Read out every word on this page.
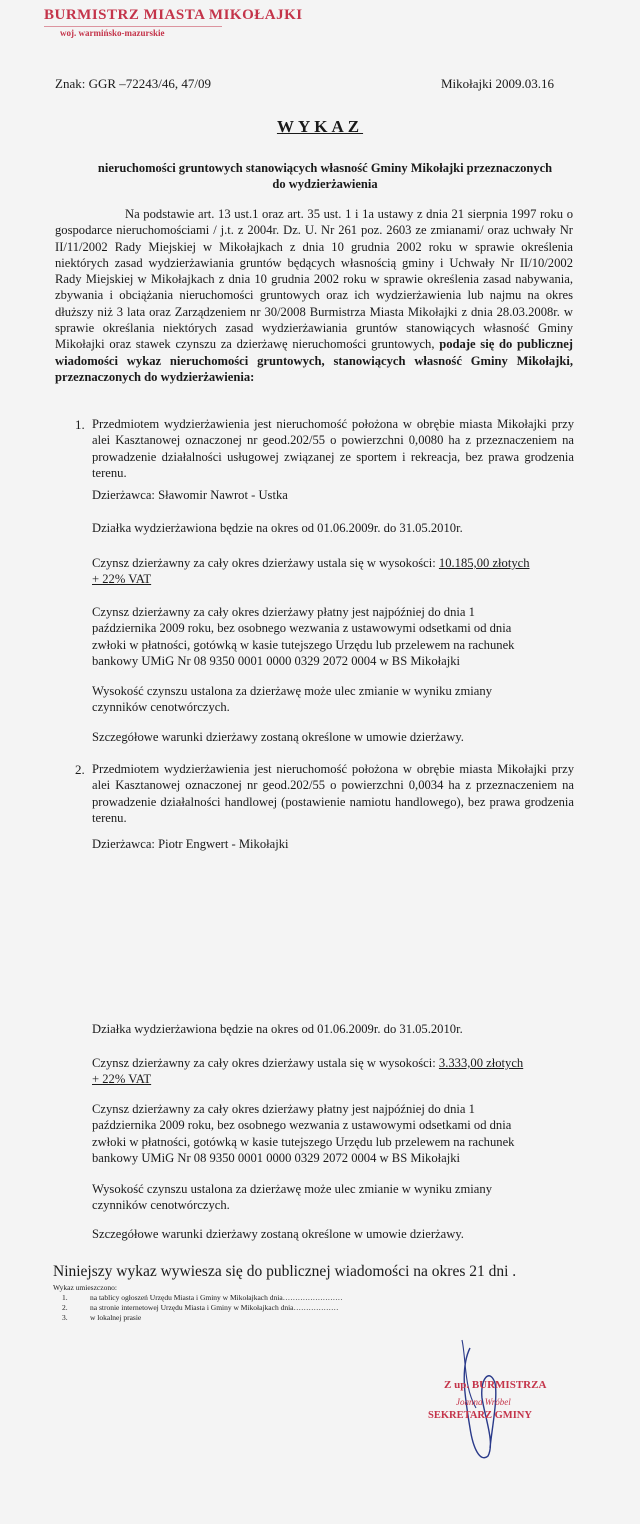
BURMISTRZ MIASTA MIKOŁAJKI
woj. warmińsko-mazurskie
Znak: GGR –72243/46, 47/09	Mikołajki 2009.03.16
WYKAZ
nieruchomości gruntowych stanowiących własność Gminy Mikołajki przeznaczonych
do wydzierżawienia
Na podstawie art. 13 ust.1 oraz art. 35 ust. 1 i 1a ustawy z dnia 21 sierpnia 1997 roku o gospodarce nieruchomościami / j.t. z 2004r. Dz. U. Nr 261 poz. 2603 ze zmianami/ oraz uchwały Nr II/11/2002 Rady Miejskiej w Mikołajkach z dnia 10 grudnia 2002 roku w sprawie określenia niektórych zasad wydzierżawiania gruntów będących własnością gminy i Uchwały Nr II/10/2002 Rady Miejskiej w Mikołajkach z dnia 10 grudnia 2002 roku w sprawie określenia zasad nabywania, zbywania i obciążania nieruchomości gruntowych oraz ich wydzierżawienia lub najmu na okres dłuższy niż 3 lata oraz Zarządzeniem nr 30/2008 Burmistrza Miasta Mikołajki z dnia 28.03.2008r. w sprawie określania niektórych zasad wydzierżawiania gruntów stanowiących własność Gminy Mikołajki oraz stawek czynszu za dzierżawę nieruchomości gruntowych, podaje się do publicznej wiadomości wykaz nieruchomości gruntowych, stanowiących własność Gminy Mikołajki, przeznaczonych do wydzierżawienia:
1. Przedmiotem wydzierżawienia jest nieruchomość położona w obrębie miasta Mikołajki przy alei Kasztanowej oznaczonej nr geod.202/55 o powierzchni 0,0080 ha z przeznaczeniem na prowadzenie działalności usługowej związanej ze sportem i rekreacja, bez prawa grodzenia terenu.
Dzierżawca: Sławomir Nawrot - Ustka
Działka wydzierżawiona będzie na okres od 01.06.2009r. do 31.05.2010r.
Czynsz dzierżawny za cały okres dzierżawy ustala się w wysokości: 10.185,00 złotych
+ 22% VAT
Czynsz dzierżawny za cały okres dzierżawy płatny jest najpóźniej do dnia 1
października 2009 roku, bez osobnego wezwania z ustawowymi odsetkami od dnia
zwłoki w płatności, gotówką w kasie tutejszego Urzędu lub przelewem na rachunek
bankowy UMiG Nr 08 9350 0001 0000 0329 2072 0004 w BS Mikołajki
Wysokość czynszu ustalona za dzierżawę może ulec zmianie w wyniku zmiany
czynników cenotwórczych.
Szczegółowe warunki dzierżawy zostaną określone w umowie dzierżawy.
2. Przedmiotem wydzierżawienia jest nieruchomość położona w obrębie miasta Mikołajki przy alei Kasztanowej oznaczonej nr geod.202/55 o powierzchni 0,0034 ha z przeznaczeniem na prowadzenie działalności handlowej (postawienie namiotu handlowego), bez prawa grodzenia terenu.
Dzierżawca: Piotr Engwert - Mikołajki
Działka wydzierżawiona będzie na okres od 01.06.2009r. do 31.05.2010r.
Czynsz dzierżawny za cały okres dzierżawy ustala się w wysokości: 3.333,00 złotych
+ 22% VAT
Czynsz dzierżawny za cały okres dzierżawy płatny jest najpóźniej do dnia 1
października 2009 roku, bez osobnego wezwania z ustawowymi odsetkami od dnia
zwłoki w płatności, gotówką w kasie tutejszego Urzędu lub przelewem na rachunek
bankowy UMiG Nr 08 9350 0001 0000 0329 2072 0004 w BS Mikołajki
Wysokość czynszu ustalona za dzierżawę może ulec zmianie w wyniku zmiany
czynników cenotwórczych.
Szczegółowe warunki dzierżawy zostaną określone w umowie dzierżawy.
Niniejszy wykaz wywiesza się do publicznej wiadomości na okres 21 dni .
Wykaz umieszczono:
1.	na tablicy ogłoszeń Urzędu Miasta i Gminy w Mikołajkach dnia……………………
2.	na stronie internetowej Urzędu Miasta i Gminy w Mikołajkach dnia………………
3.	w lokalnej prasie
Z up. BURMISTRZA
Joanna Wróbel
SEKRETARZ GMINY
